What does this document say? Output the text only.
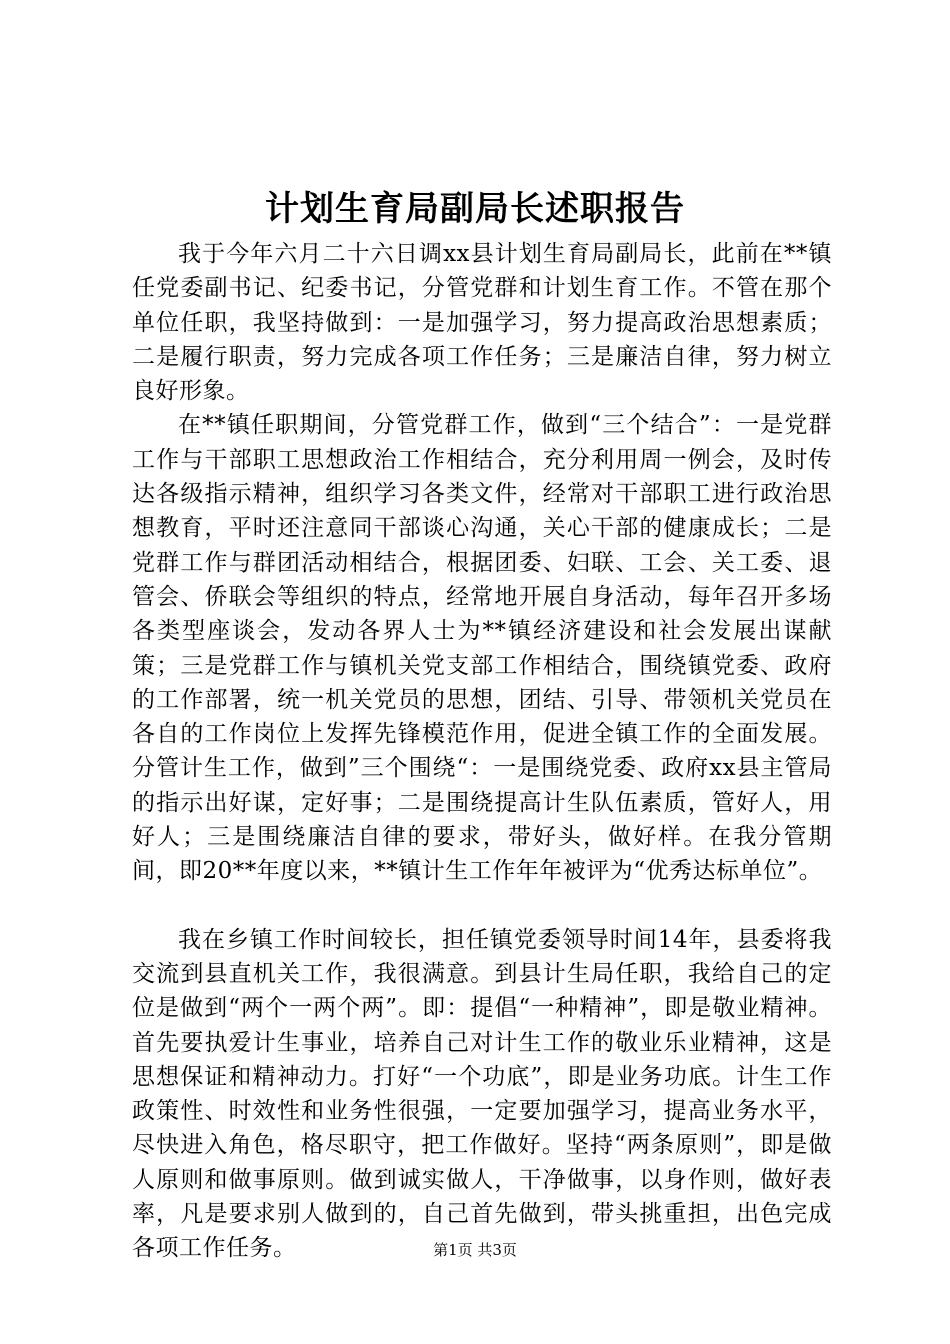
计划生育局副局长述职报告

我于今年六月二十六日调xx县计划生育局副局长，此前在**镇任党委副书记、纪委书记，分管党群和计划生育工作。不管在那个单位任职，我坚持做到：一是加强学习，努力提高政治思想素质；二是履行职责，努力完成各项工作任务；三是廉洁自律，努力树立良好形象。

在**镇任职期间，分管党群工作，做到“三个结合”：一是党群工作与干部职工思想政治工作相结合，充分利用周一例会，及时传达各级指示精神，组织学习各类文件，经常对干部职工进行政治思想教育，平时还注意同干部谈心沟通，关心干部的健康成长；二是党群工作与群团活动相结合，根据团委、妇联、工会、关工委、退管会、侨联会等组织的特点，经常地开展自身活动，每年召开多场各类型座谈会，发动各界人士为**镇经济建设和社会发展出谋献策；三是党群工作与镇机关党支部工作相结合，围绕镇党委、政府的工作部署，统一机关党员的思想，团结、引导、带领机关党员在各自的工作岗位上发挥先锋模范作用，促进全镇工作的全面发展。分管计生工作，做到”三个围绕“：一是围绕党委、政府xx县主管局的指示出好谋，定好事；二是围绕提高计生队伍素质，管好人，用好人；三是围绕廉洁自律的要求，带好头，做好样。在我分管期间，即20**年度以来，**镇计生工作年年被评为“优秀达标单位”。

我在乡镇工作时间较长，担任镇党委领导时间14年，县委将我交流到县直机关工作，我很满意。到县计生局任职，我给自己的定位是做到“两个一两个两”。即：提倡“一种精神”，即是敬业精神。首先要执爱计生事业，培养自己对计生工作的敬业乐业精神，这是思想保证和精神动力。打好“一个功底”，即是业务功底。计生工作政策性、时效性和业务性很强，一定要加强学习，提高业务水平，尽快进入角色，格尽职守，把工作做好。坚持“两条原则”，即是做人原则和做事原则。做到诚实做人，干净做事，以身作则，做好表率，凡是要求别人做到的，自己首先做到，带头挑重担，出色完成各项工作任务。	第1页 共3页
